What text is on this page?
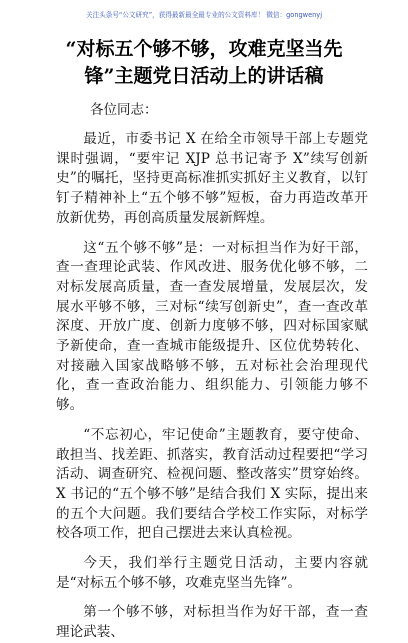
关注头条号“公文研究”，获得最新最全最专业的公文资料库！ 微信：gongwenyj
“对标五个够不够，攻难克坚当先锋”主题党日活动上的讲话稿
各位同志：

最近，市委书记 X 在给全市领导干部上专题党课时强调，“要牢记 XJP 总书记寄予 X”续写创新史”的嘱托，坚持更高标准抓实抓好主义教育，以钉钉子精神补上“五个够不够”短板，奋力再造改革开放新优势，再创高质量发展新辉煌。

这“五个够不够”是：一对标担当作为好干部，查一查理论武装、作风改进、服务优化够不够，二对标发展高质量，查一查发展增量，发展层次，发展水平够不够，三对标“续写创新史”，查一查改革深度、开放广度、创新力度够不够，四对标国家赋予新使命，查一查城市能级提升、区位优势转化、对接融入国家战略够不够，五对标社会治理现代化，查一查政治能力、组织能力、引领能力够不够。

“不忘初心，牢记使命”主题教育，要守使命、敢担当、找差距、抓落实，教育活动过程要把“学习活动、调查研究、检视问题、整改落实”贯穿始终。X 书记的“五个够不够”是结合我们 X 实际，提出来的五个大问题。我们要结合学校工作实际，对标学校各项工作，把自己摆进去来认真检视。

今天，我们举行主题党日活动，主要内容就是“对标五个够不够，攻难克坚当先锋”。

第一个够不够，对标担当作为好干部，查一查理论武装、
